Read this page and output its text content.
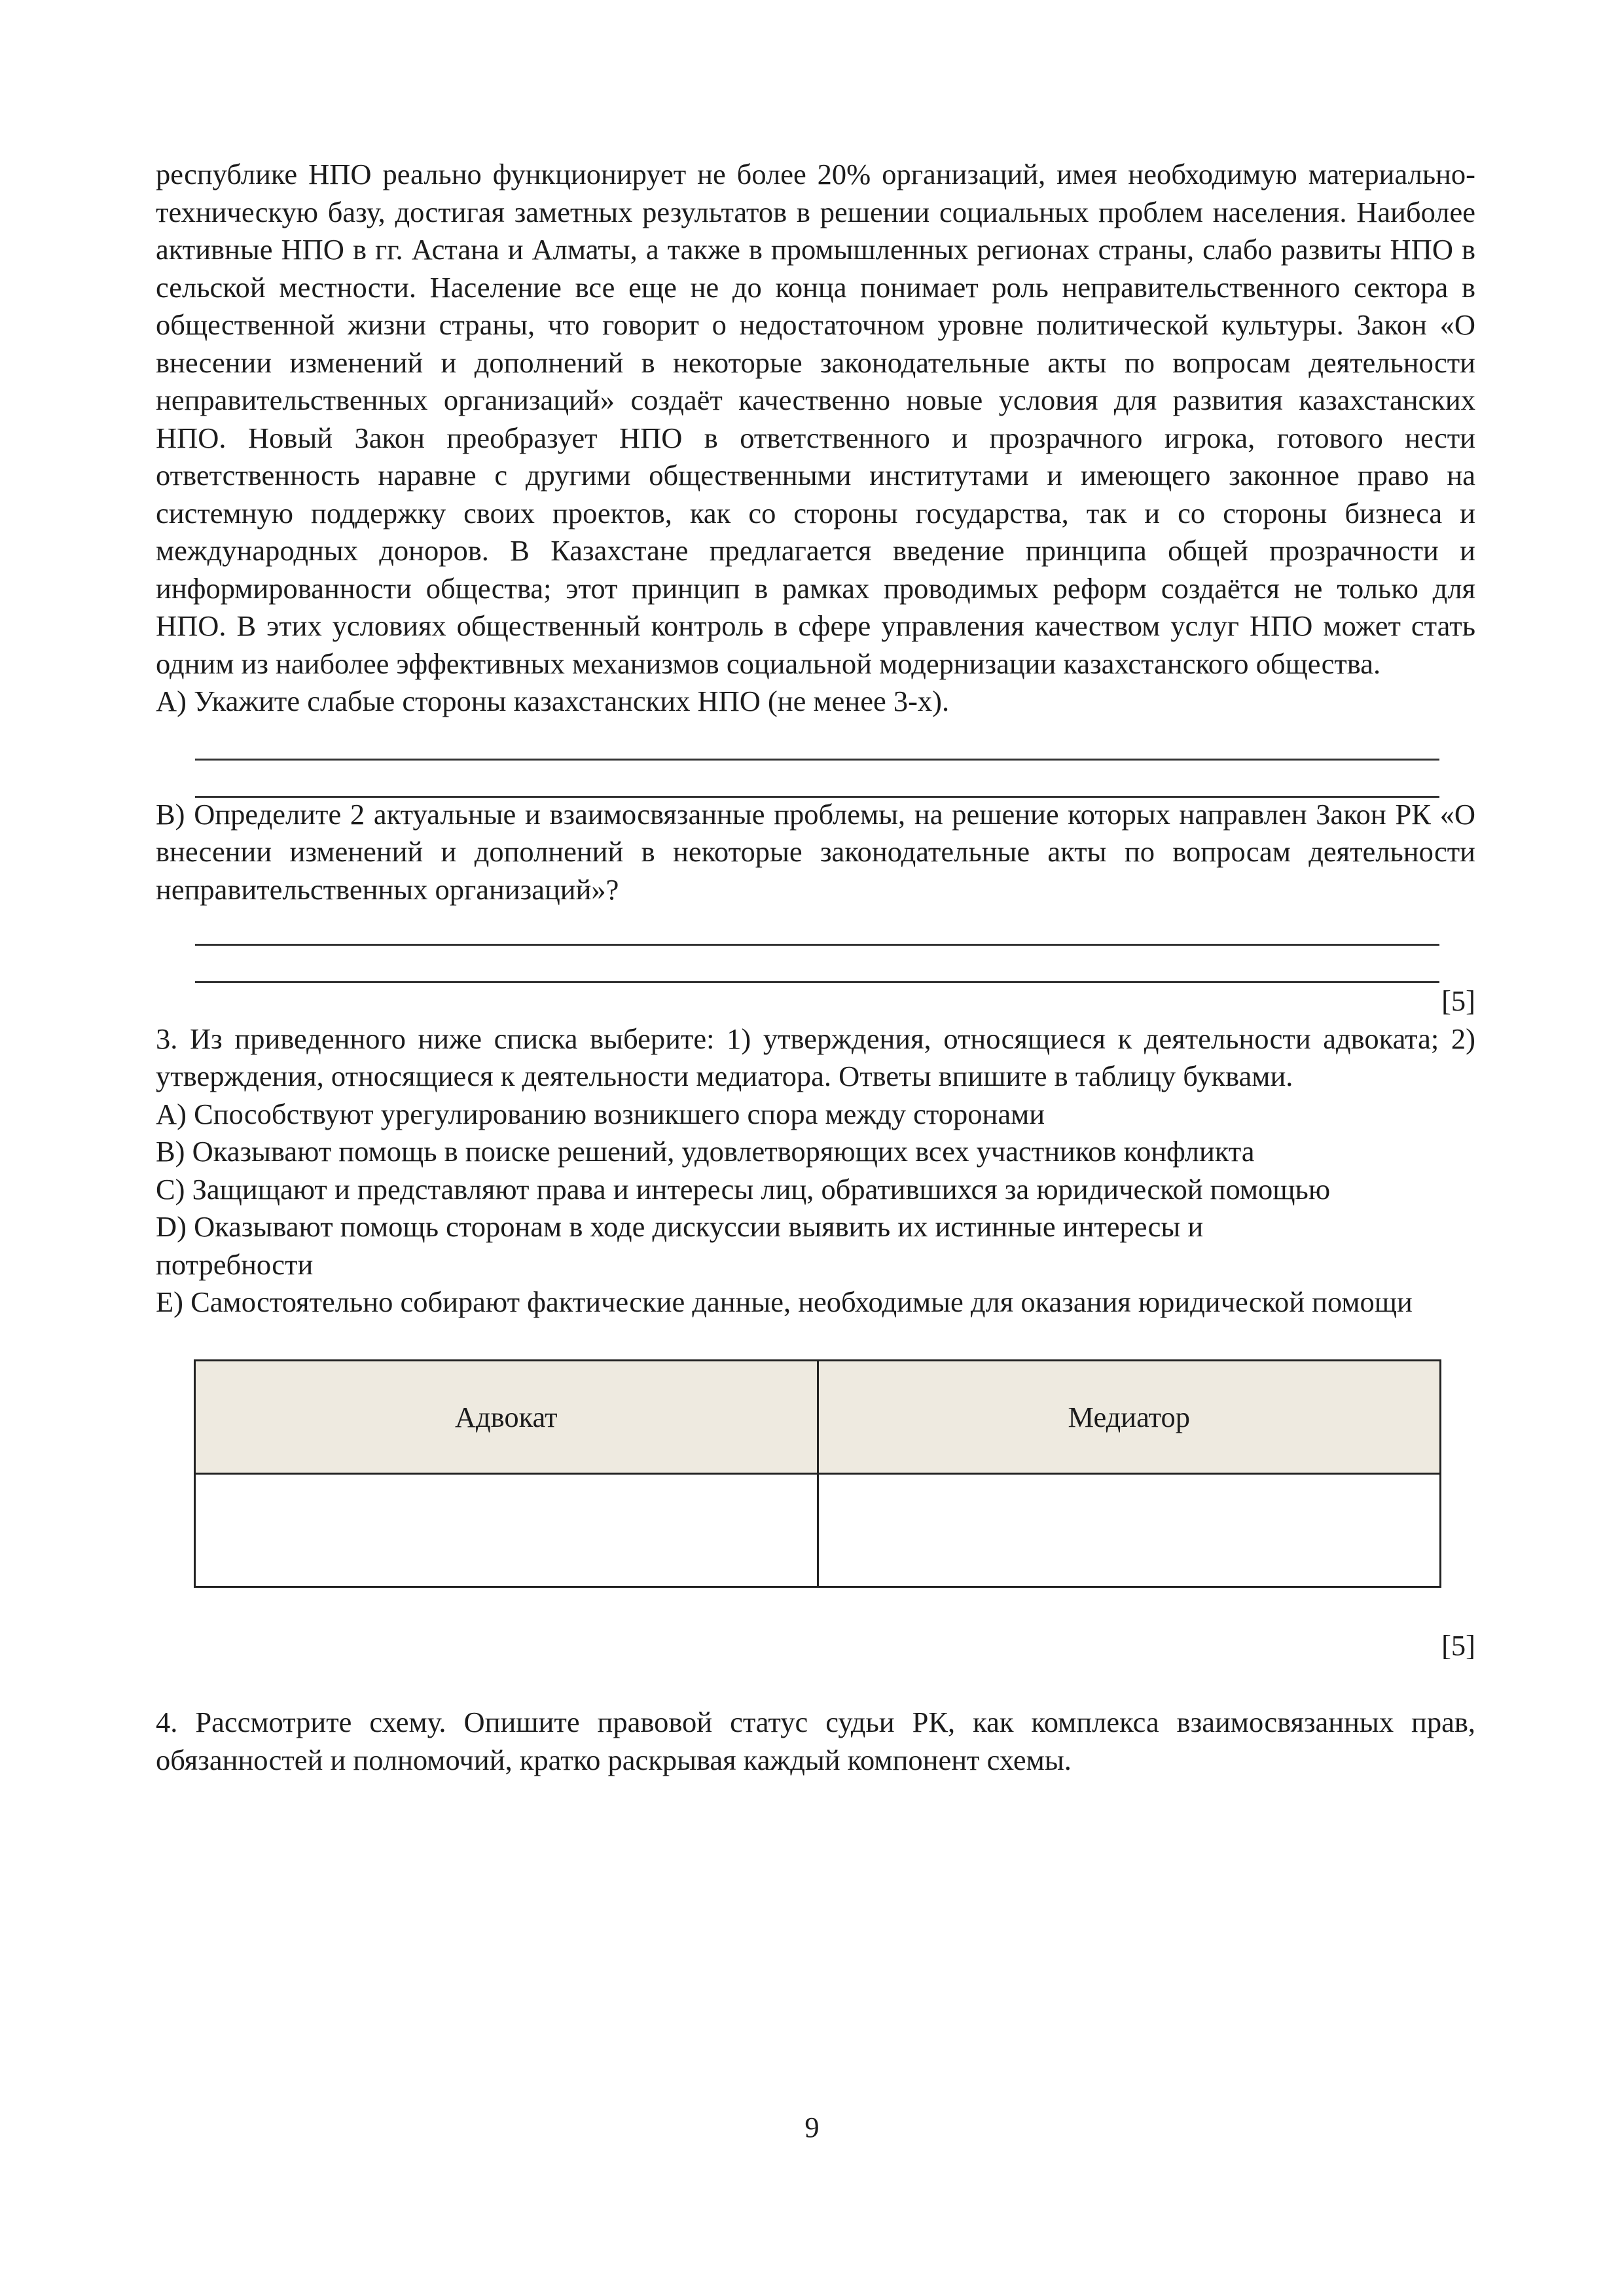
республике НПО реально функционирует не более 20% организаций, имея необходимую материально-техническую базу, достигая заметных результатов в решении социальных проблем населения. Наиболее активные НПО в гг. Астана и Алматы, а также в промышленных регионах страны, слабо развиты НПО в сельской местности. Население все еще не до конца понимает роль неправительственного сектора в общественной жизни страны, что говорит о недостаточном уровне политической культуры. Закон «О внесении изменений и дополнений в некоторые законодательные акты по вопросам деятельности неправительственных организаций» создаёт качественно новые условия для развития казахстанских НПО. Новый Закон преобразует НПО в ответственного и прозрачного игрока, готового нести ответственность наравне с другими общественными институтами и имеющего законное право на системную поддержку своих проектов, как со стороны государства, так и со стороны бизнеса и международных доноров. В Казахстане предлагается введение принципа общей прозрачности и информированности общества; этот принцип в рамках проводимых реформ создаётся не только для НПО. В этих условиях общественный контроль в сфере управления качеством услуг НПО может стать одним из наиболее эффективных механизмов социальной модернизации казахстанского общества.

A) Укажите слабые стороны казахстанских НПО (не менее 3-х).

B) Определите 2 актуальные и взаимосвязанные проблемы, на решение которых направлен Закон РК «О внесении изменений и дополнений в некоторые законодательные акты по вопросам деятельности неправительственных организаций»?

[5]

3. Из приведенного ниже списка выберите: 1) утверждения, относящиеся к деятельности адвоката; 2) утверждения, относящиеся к деятельности медиатора. Ответы впишите в таблицу буквами.

A) Способствуют урегулированию возникшего спора между сторонами

B) Оказывают помощь в поиске решений, удовлетворяющих всех участников конфликта

C) Защищают и представляют права и интересы лиц, обратившихся за юридической помощью

D) Оказывают помощь сторонам в ходе дискуссии выявить их истинные интересы и потребности

E) Самостоятельно собирают фактические данные, необходимые для оказания юридической помощи

Адвокат	Медиатор

[5]

4. Рассмотрите схему. Опишите правовой статус судьи РК, как комплекса взаимосвязанных прав, обязанностей и полномочий, кратко раскрывая каждый компонент схемы.

9
